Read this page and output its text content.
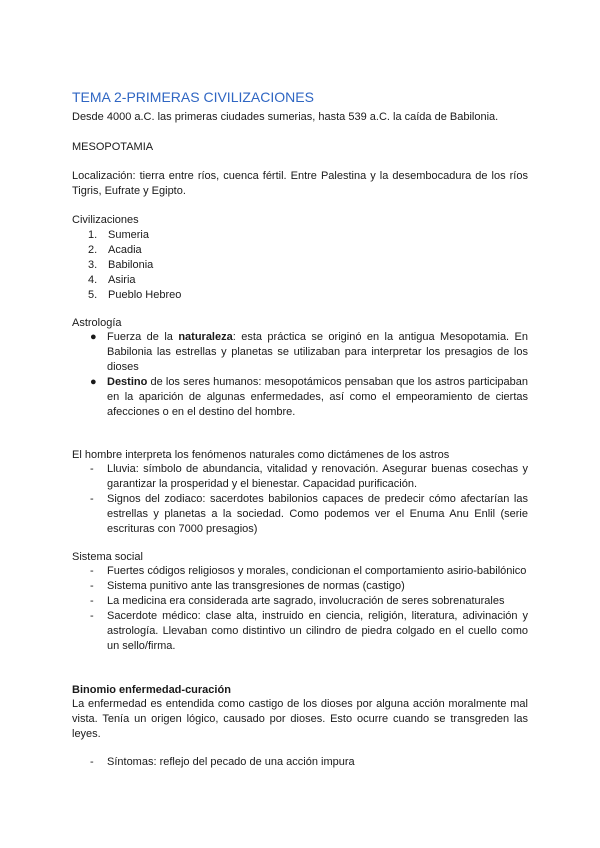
TEMA 2-PRIMERAS CIVILIZACIONES
Desde 4000 a.C. las primeras ciudades sumerias, hasta 539 a.C. la caída de Babilonia.
MESOPOTAMIA
Localización: tierra entre ríos, cuenca fértil. Entre Palestina y la desembocadura de los ríos Tigris, Eufrate y Egipto.
Civilizaciones
1. Sumeria
2. Acadia
3. Babilonia
4. Asiria
5. Pueblo Hebreo
Astrología
● Fuerza de la naturaleza: esta práctica se originó en la antigua Mesopotamia. En Babilonia las estrellas y planetas se utilizaban para interpretar los presagios de los dioses
● Destino de los seres humanos: mesopotámicos pensaban que los astros participaban en la aparición de algunas enfermedades, así como el empeoramiento de ciertas afecciones o en el destino del hombre.
El hombre interpreta los fenómenos naturales como dictámenes de los astros
- Lluvia: símbolo de abundancia, vitalidad y renovación. Asegurar buenas cosechas y garantizar la prosperidad y el bienestar. Capacidad purificación.
- Signos del zodiaco: sacerdotes babilonios capaces de predecir cómo afectarían las estrellas y planetas a la sociedad. Como podemos ver el Enuma Anu Enlil (serie escrituras con 7000 presagios)
Sistema social
- Fuertes códigos religiosos y morales, condicionan el comportamiento asirio-babilónico
- Sistema punitivo ante las transgresiones de normas (castigo)
- La medicina era considerada arte sagrado, involucración de seres sobrenaturales
- Sacerdote médico: clase alta, instruido en ciencia, religión, literatura, adivinación y astrología. Llevaban como distintivo un cilindro de piedra colgado en el cuello como un sello/firma.
Binomio enfermedad-curación
La enfermedad es entendida como castigo de los dioses por alguna acción moralmente mal vista. Tenía un origen lógico, causado por dioses. Esto ocurre cuando se transgreden las leyes.
- Síntomas: reflejo del pecado de una acción impura
